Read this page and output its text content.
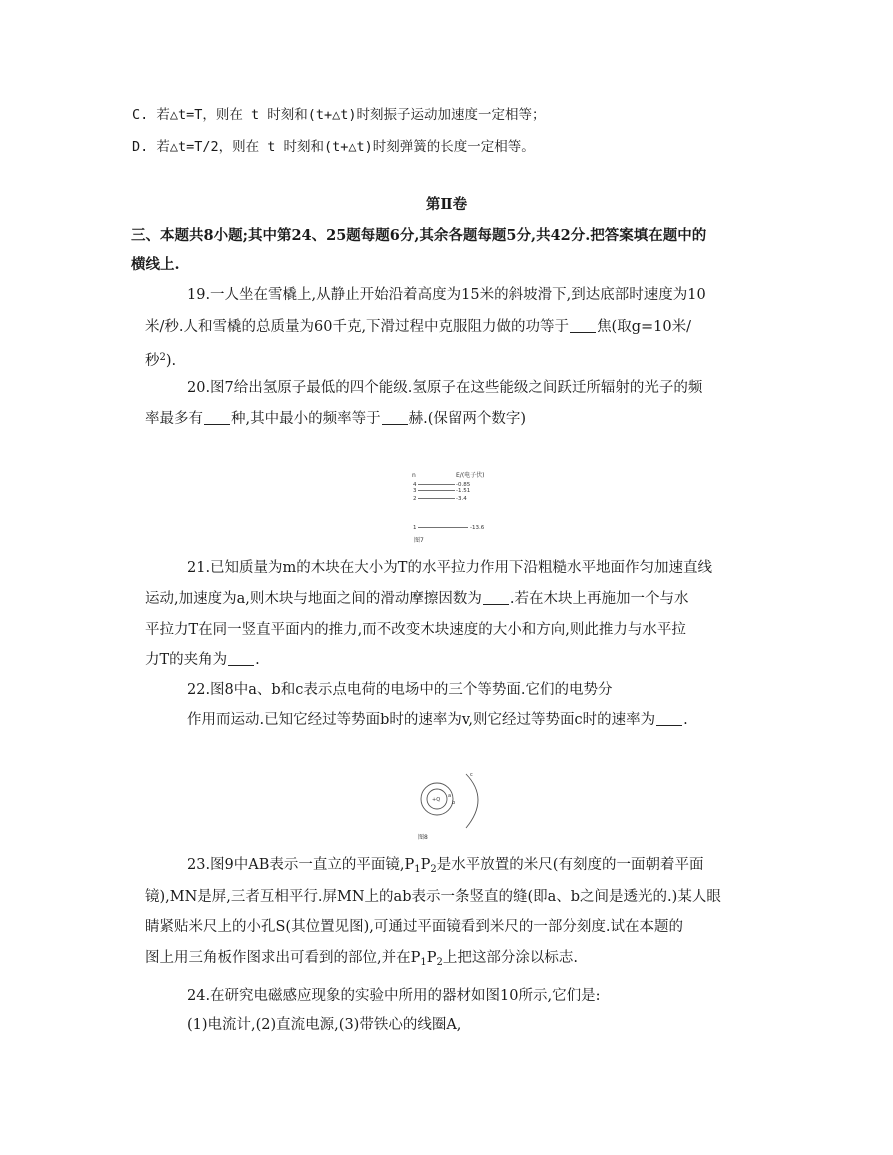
C. 若△t=T，则在 t 时刻和(t+△t)时刻振子运动加速度一定相等；
D. 若△t=T/2，则在 t 时刻和(t+△t)时刻弹簧的长度一定相等。
第Ⅱ卷
三、本题共8小题;其中第24、25题每题6分,其余各题每题5分,共42分.把答案填在题中的
横线上.
19.一人坐在雪橇上,从静止开始沿着高度为15米的斜坡滑下,到达底部时速度为10
米/秒.人和雪橇的总质量为60千克,下滑过程中克服阻力做的功等于 焦(取g=10米/
秒$^2$).
20.图7给出氢原子最低的四个能级.氢原子在这些能级之间跃迁所辐射的光子的频
率最多有 种,其中最小的频率等于 赫.(保留两个数字)
n	E/(电子伏)
4	-0.85
3	-1.51
2	-3.4
1	-13.6
图7
21.已知质量为m的木块在大小为T的水平拉力作用下沿粗糙水平地面作匀加速直线
运动,加速度为a,则木块与地面之间的滑动摩擦因数为 .若在木块上再施加一个与水
平拉力T在同一竖直平面内的推力,而不改变木块速度的大小和方向,则此推力与水平拉
力T的夹角为 .
22.图8中a、b和c表示点电荷的电场中的三个等势面.它们的电势分
作用而运动.已知它经过等势面b时的速率为v,则它经过等势面c时的速率为 .
+Q
a
b
c
图8
23.图9中AB表示一直立的平面镜$,P_1P_2$是水平放置的米尺(有刻度的一面朝着平面
镜),MN是屏,三者互相平行.屏MN上的ab表示一条竖直的缝(即a、b之间是透光的.)某人眼
睛紧贴米尺上的小孔S(其位置见图),可通过平面镜看到米尺的一部分刻度.试在本题的
图上用三角板作图求出可看到的部位,并在$P_1P_2$上把这部分涂以标志.
24.在研究电磁感应现象的实验中所用的器材如图10所示,它们是:
(1)电流计,(2)直流电源,(3)带铁心的线圈A,
